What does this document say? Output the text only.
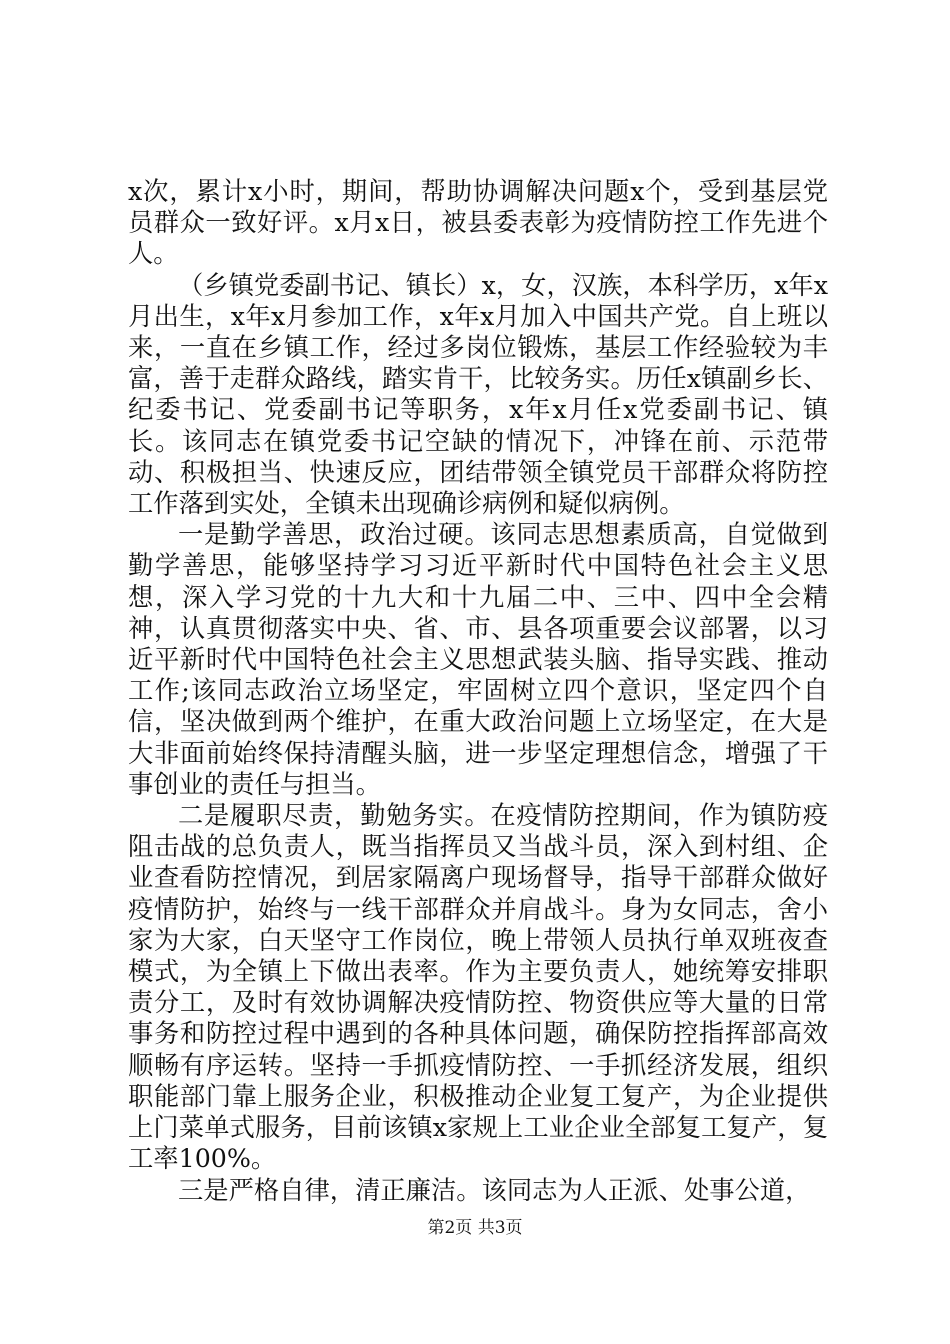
x次，累计x小时，期间，帮助协调解决问题x个，受到基层党员群众一致好评。x月x日，被县委表彰为疫情防控工作先进个人。

（乡镇党委副书记、镇长）x，女，汉族，本科学历，x年x月出生，x年x月参加工作，x年x月加入中国共产党。自上班以来，一直在乡镇工作，经过多岗位锻炼，基层工作经验较为丰富，善于走群众路线，踏实肯干，比较务实。历任x镇副乡长、纪委书记、党委副书记等职务，x年x月任x党委副书记、镇长。该同志在镇党委书记空缺的情况下，冲锋在前、示范带动、积极担当、快速反应，团结带领全镇党员干部群众将防控工作落到实处，全镇未出现确诊病例和疑似病例。

一是勤学善思，政治过硬。该同志思想素质高，自觉做到勤学善思，能够坚持学习习近平新时代中国特色社会主义思想，深入学习党的十九大和十九届二中、三中、四中全会精神，认真贯彻落实中央、省、市、县各项重要会议部署，以习近平新时代中国特色社会主义思想武装头脑、指导实践、推动工作;该同志政治立场坚定，牢固树立四个意识，坚定四个自信，坚决做到两个维护，在重大政治问题上立场坚定，在大是大非面前始终保持清醒头脑，进一步坚定理想信念，增强了干事创业的责任与担当。

二是履职尽责，勤勉务实。在疫情防控期间，作为镇防疫阻击战的总负责人，既当指挥员又当战斗员，深入到村组、企业查看防控情况，到居家隔离户现场督导，指导干部群众做好疫情防护，始终与一线干部群众并肩战斗。身为女同志，舍小家为大家，白天坚守工作岗位，晚上带领人员执行单双班夜查模式，为全镇上下做出表率。作为主要负责人，她统筹安排职责分工，及时有效协调解决疫情防控、物资供应等大量的日常事务和防控过程中遇到的各种具体问题，确保防控指挥部高效顺畅有序运转。坚持一手抓疫情防控、一手抓经济发展，组织职能部门靠上服务企业，积极推动企业复工复产，为企业提供上门菜单式服务，目前该镇x家规上工业企业全部复工复产，复工率100%。

三是严格自律，清正廉洁。该同志为人正派、处事公道，

第2页 共3页
